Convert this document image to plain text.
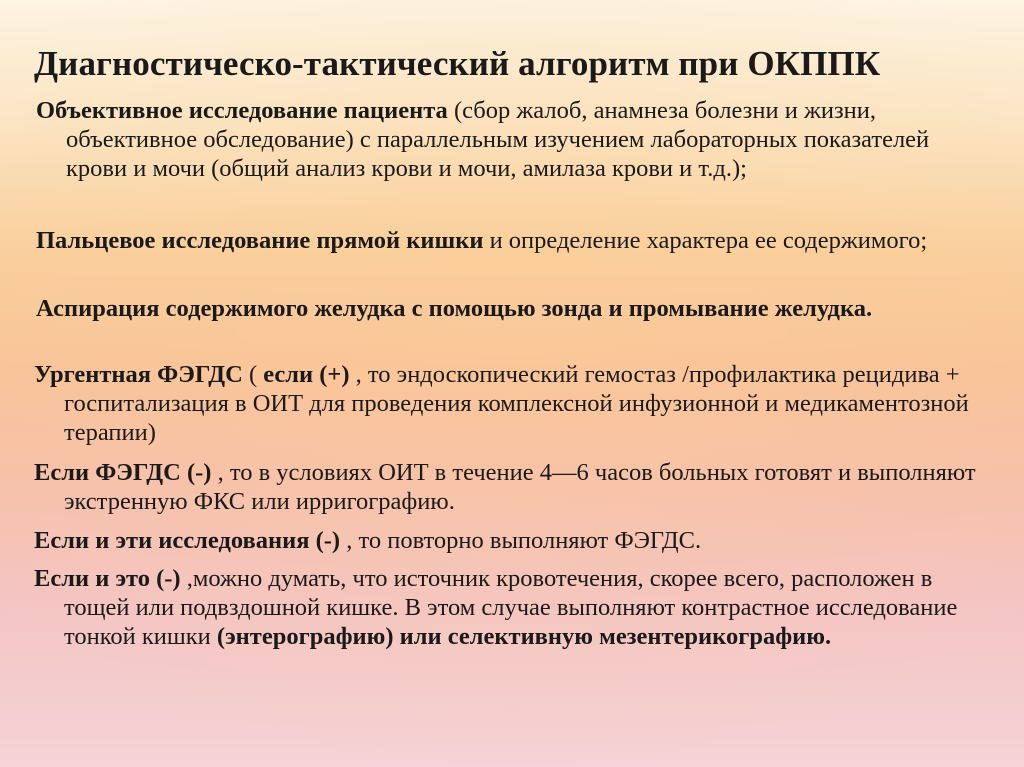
Диагностическо-тактический алгоритм при ОКППК

Объективное исследование пациента (сбор жалоб, анамнеза болезни и жизни, объективное обследование) с параллельным изучением лабораторных показателей крови и мочи (общий анализ крови и мочи, амилаза крови и т.д.);

Пальцевое исследование прямой кишки и определение характера ее содержимого;

Аспирация содержимого желудка с помощью зонда и промывание желудка.

Ургентная ФЭГДС ( если (+) , то эндоскопический гемостаз /профилактика рецидива + госпитализация в ОИТ для проведения комплексной инфузионной и медикаментозной терапии)

Если ФЭГДС (-) , то в условиях ОИТ в течение 4—6 часов больных готовят и выполняют экстренную ФКС или ирригографию.

Если и эти исследования (-) , то повторно выполняют ФЭГДС.

Если и это (-) ,можно думать, что источник кровотечения, скорее всего, расположен в тощей или подвздошной кишке. В этом случае выполняют контрастное исследование тонкой кишки (энтерографию) или селективную мезентерикографию.
